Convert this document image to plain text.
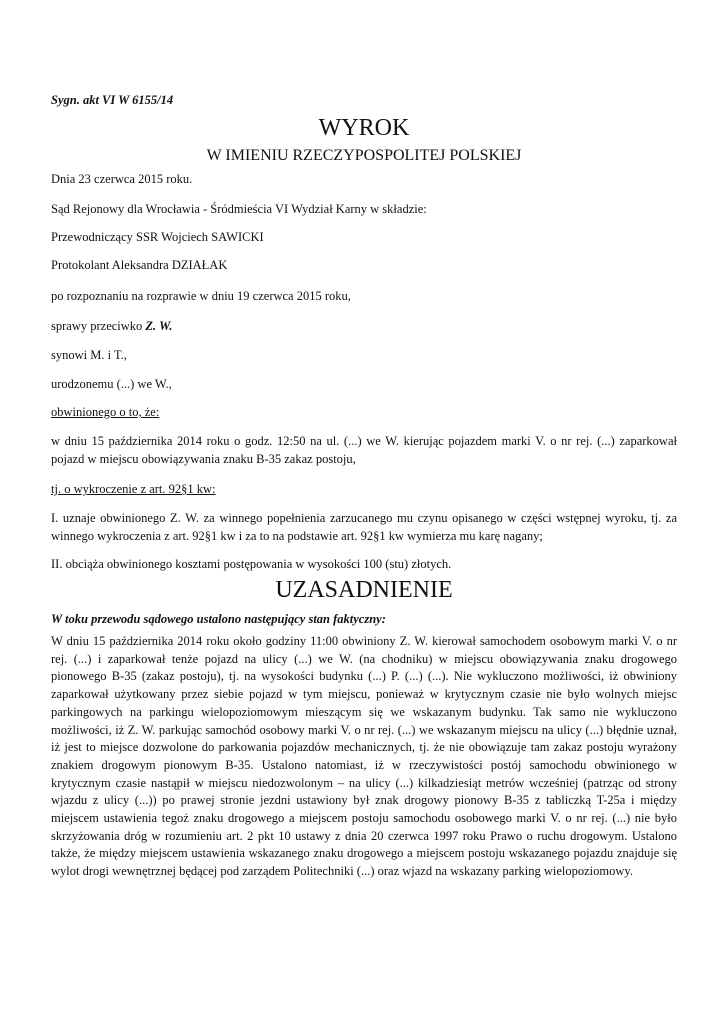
Sygn. akt VI W 6155/14
WYROK
W IMIENIU RZECZYPOSPOLITEJ POLSKIEJ
Dnia 23 czerwca 2015 roku.
Sąd Rejonowy dla Wrocławia - Śródmieścia VI Wydział Karny w składzie:
Przewodniczący SSR Wojciech SAWICKI
Protokolant Aleksandra DZIAŁAK
po rozpoznaniu na rozprawie w dniu 19 czerwca 2015 roku,
sprawy przeciwko Z. W.
synowi M. i T.,
urodzonemu (...) we W.,
obwinionego o to, że:
w dniu 15 października 2014 roku o godz. 12:50 na ul. (...) we W. kierując pojazdem marki V. o nr rej. (...) zaparkował pojazd w miejscu obowiązywania znaku B-35 zakaz postoju,
tj. o wykroczenie z art. 92§1 kw:
I. uznaje obwinionego Z. W. za winnego popełnienia zarzucanego mu czynu opisanego w części wstępnej wyroku, tj. za winnego wykroczenia z art. 92§1 kw i za to na podstawie art. 92§1 kw wymierza mu karę nagany;
II. obciąża obwinionego kosztami postępowania w wysokości 100 (stu) złotych.
UZASADNIENIE
W toku przewodu sądowego ustalono następujący stan faktyczny:
W dniu 15 października 2014 roku około godziny 11:00 obwiniony Z. W. kierował samochodem osobowym marki V. o nr rej. (...) i zaparkował tenże pojazd na ulicy (...) we W. (na chodniku) w miejscu obowiązywania znaku drogowego pionowego B-35 (zakaz postoju), tj. na wysokości budynku (...) P. (...) (...). Nie wykluczono możliwości, iż obwiniony zaparkował użytkowany przez siebie pojazd w tym miejscu, ponieważ w krytycznym czasie nie było wolnych miejsc parkingowych na parkingu wielopoziomowym mieszącym się we wskazanym budynku. Tak samo nie wykluczono możliwości, iż Z. W. parkując samochód osobowy marki V. o nr rej. (...) we wskazanym miejscu na ulicy (...) błędnie uznał, iż jest to miejsce dozwolone do parkowania pojazdów mechanicznych, tj. że nie obowiązuje tam zakaz postoju wyrażony znakiem drogowym pionowym B-35. Ustalono natomiast, iż w rzeczywistości postój samochodu obwinionego w krytycznym czasie nastąpił w miejscu niedozwolonym – na ulicy (...) kilkadziesiąt metrów wcześniej (patrząc od strony wjazdu z ulicy (...)) po prawej stronie jezdni ustawiony był znak drogowy pionowy B-35 z tabliczką T-25a i między miejscem ustawienia tegoż znaku drogowego a miejscem postoju samochodu osobowego marki V. o nr rej. (...) nie było skrzyżowania dróg w rozumieniu art. 2 pkt 10 ustawy z dnia 20 czerwca 1997 roku Prawo o ruchu drogowym. Ustalono także, że między miejscem ustawienia wskazanego znaku drogowego a miejscem postoju wskazanego pojazdu znajduje się wylot drogi wewnętrznej będącej pod zarządem Politechniki (...) oraz wjazd na wskazany parking wielopoziomowy.
